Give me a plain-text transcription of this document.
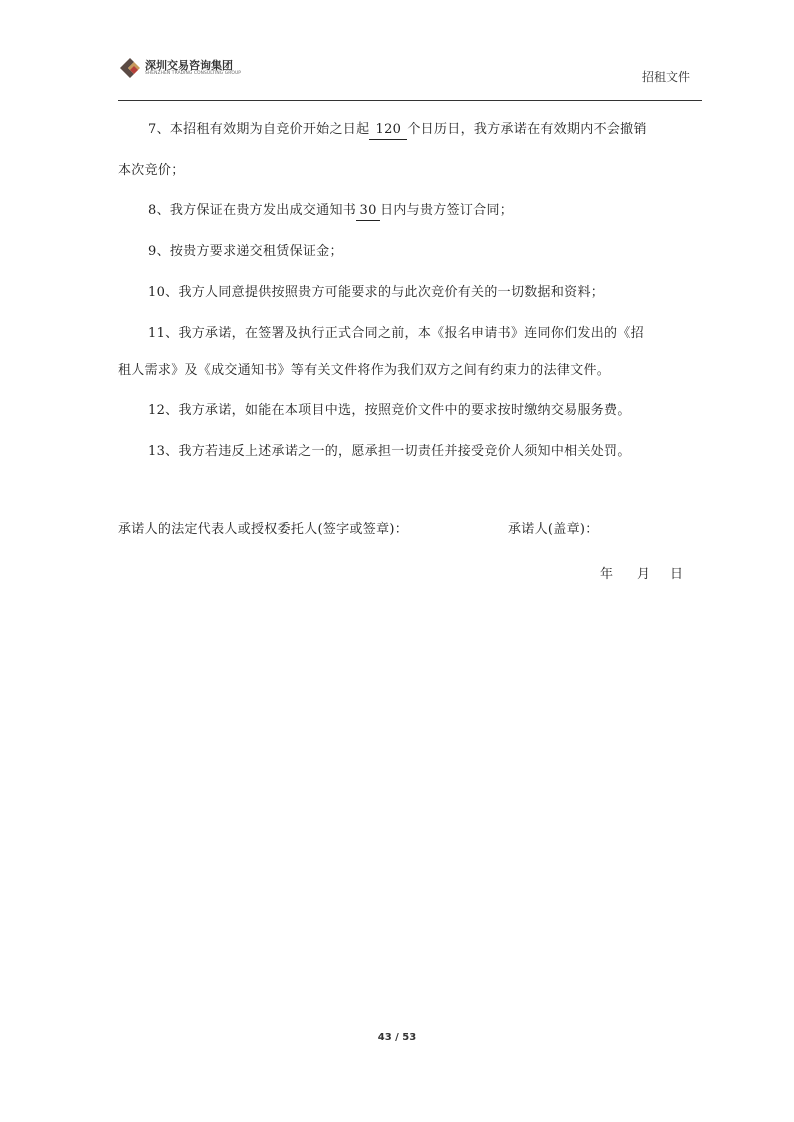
深圳交易咨询集团
SHENZHEN TRADING CONSULTING GROUP	招租文件
7、本招租有效期为自竞价开始之日起 120 个日历日，我方承诺在有效期内不会撤销
本次竞价；
8、我方保证在贵方发出成交通知书 30 日内与贵方签订合同；
9、按贵方要求递交租赁保证金；
10、我方人同意提供按照贵方可能要求的与此次竞价有关的一切数据和资料；
11、我方承诺，在签署及执行正式合同之前，本《报名申请书》连同你们发出的《招
租人需求》及《成交通知书》等有关文件将作为我们双方之间有约束力的法律文件。
12、我方承诺，如能在本项目中选，按照竞价文件中的要求按时缴纳交易服务费。
13、我方若违反上述承诺之一的，愿承担一切责任并接受竞价人须知中相关处罚。
承诺人的法定代表人或授权委托人(签字或签章)：	承诺人(盖章)：
年 月 日
43 / 53
